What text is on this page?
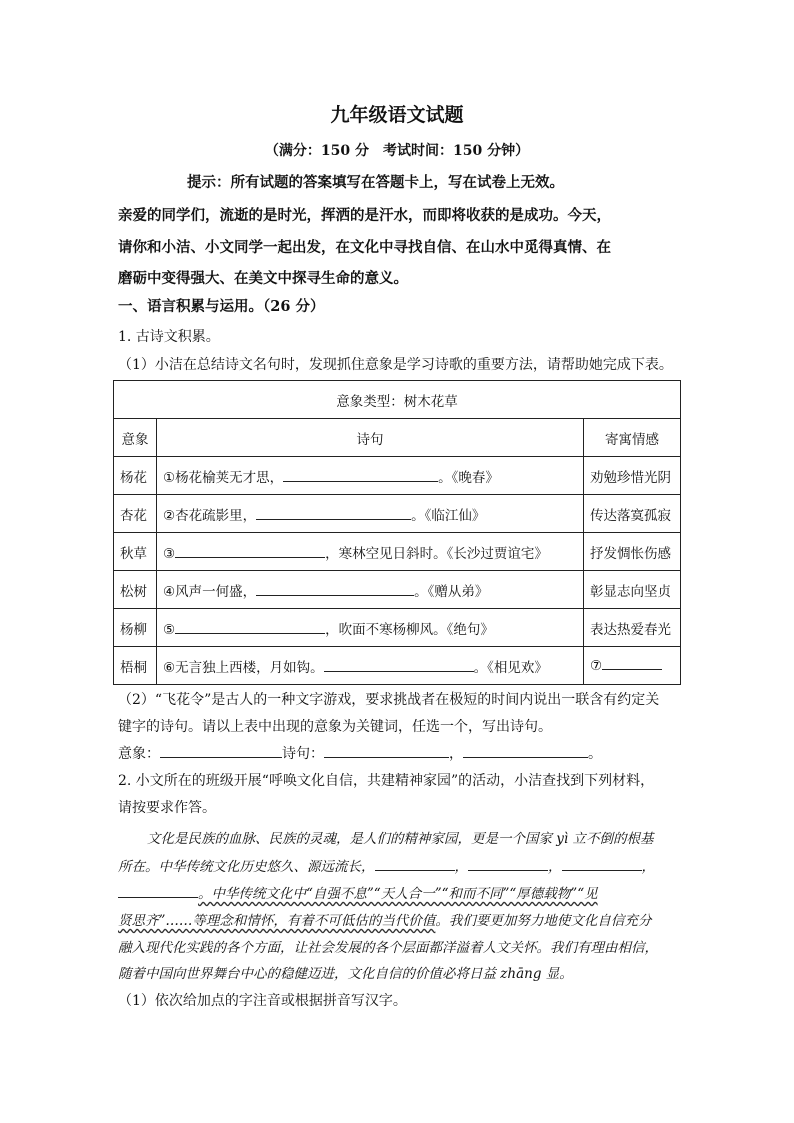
九年级语文试题
（满分：150 分　考试时间：150 分钟）
提示：所有试题的答案填写在答题卡上，写在试卷上无效。
亲爱的同学们，流逝的是时光，挥洒的是汗水，而即将收获的是成功。今天，
请你和小洁、小文同学一起出发，在文化中寻找自信、在山水中觅得真情、在
磨砺中变得强大、在美文中探寻生命的意义。
一、语言积累与运用。（26 分）
1. 古诗文积累。
（1）小洁在总结诗文名句时，发现抓住意象是学习诗歌的重要方法，请帮助她完成下表。
意象类型：树木花草		
意象	诗句	寄寓情感
杨花	①杨花榆荚无才思， 。《晚春》	劝勉珍惜光阴
杏花	②杏花疏影里， 。《临江仙》	传达落寞孤寂
秋草	③ ，寒林空见日斜时。《长沙过贾谊宅》	抒发惆怅伤感
松树	④风声一何盛， 。《赠从弟》	彰显志向坚贞
杨柳	⑤ ，吹面不寒杨柳风。《绝句》	表达热爱春光
梧桐	⑥无言独上西楼，月如钩。 。《相见欢》	⑦
（2）“飞花令”是古人的一种文字游戏，要求挑战者在极短的时间内说出一联含有约定关
键字的诗句。请以上表中出现的意象为关键词，任选一个，写出诗句。
意象：	诗句：	，	。
2. 小文所在的班级开展“呼唤文化自信，共建精神家园”的活动，小洁查找到下列材料，
请按要求作答。
文化是民族的血脉、民族的灵魂，是人们的精神家园，更是一个国家 yì 立不倒的根基
所在。中华传统文化历史悠久、源远流长，	，	，	，
。中华传统文化中“自强不息”“天人合一”“和而不同”“厚德载物”“见
贤思齐”……等理念和情怀，有着不可低估的当代价值。我们要更加努力地使文化自信充分
融入现代化实践的各个方面，让社会发展的各个层面都洋溢着人文关怀。我们有理由相信，
随着中国向世界舞台中心的稳健迈进，文化自信的价值必将日益 zhāng 显。
（1）依次给加点的字注音或根据拼音写汉字。
